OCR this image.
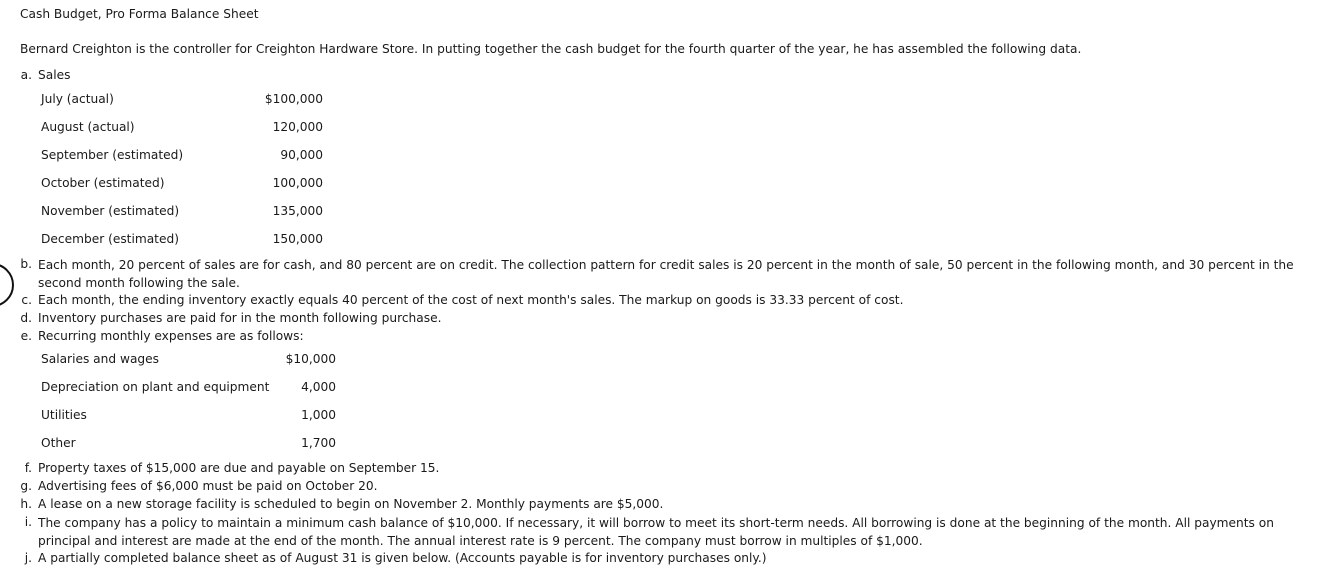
Cash Budget, Pro Forma Balance Sheet
Bernard Creighton is the controller for Creighton Hardware Store. In putting together the cash budget for the fourth quarter of the year, he has assembled the following data.
a. Sales
July (actual)	$100,000
August (actual)	120,000
September (estimated)	90,000
October (estimated)	100,000
November (estimated)	135,000
December (estimated)	150,000
b. Each month, 20 percent of sales are for cash, and 80 percent are on credit. The collection pattern for credit sales is 20 percent in the month of sale, 50 percent in the following month, and 30 percent in the second month following the sale.
c. Each month, the ending inventory exactly equals 40 percent of the cost of next month's sales. The markup on goods is 33.33 percent of cost.
d. Inventory purchases are paid for in the month following purchase.
e. Recurring monthly expenses are as follows:
Salaries and wages	$10,000
Depreciation on plant and equipment	4,000
Utilities	1,000
Other	1,700
f. Property taxes of $15,000 are due and payable on September 15.
g. Advertising fees of $6,000 must be paid on October 20.
h. A lease on a new storage facility is scheduled to begin on November 2. Monthly payments are $5,000.
i. The company has a policy to maintain a minimum cash balance of $10,000. If necessary, it will borrow to meet its short-term needs. All borrowing is done at the beginning of the month. All payments on principal and interest are made at the end of the month. The annual interest rate is 9 percent. The company must borrow in multiples of $1,000.
j. A partially completed balance sheet as of August 31 is given below. (Accounts payable is for inventory purchases only.)
